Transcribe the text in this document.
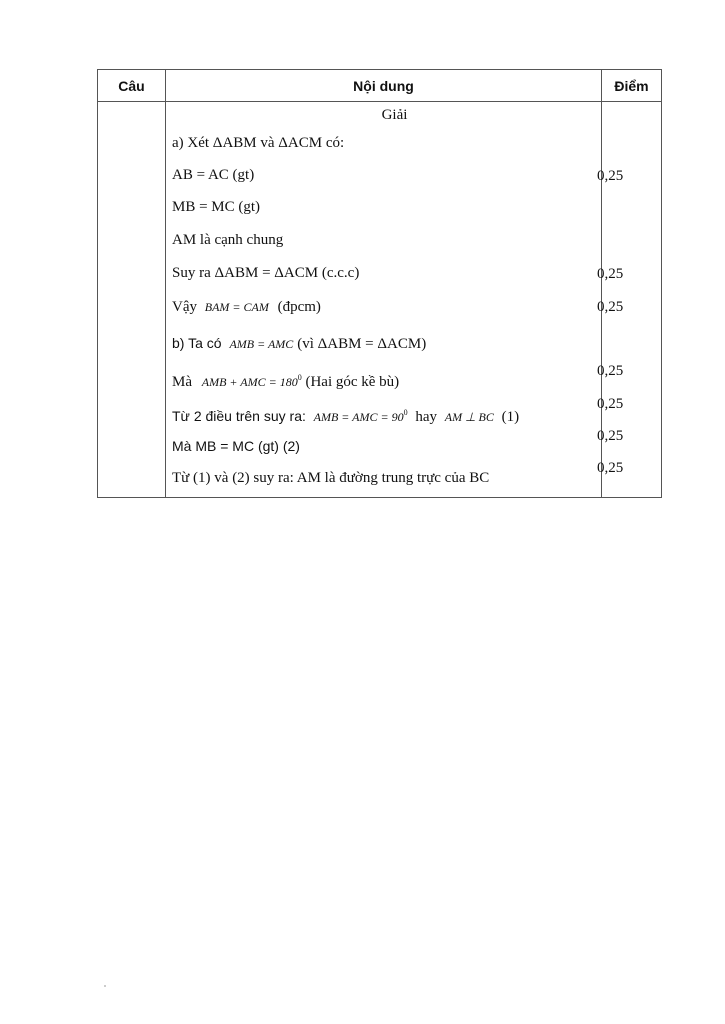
Câu	Nội dung	Điểm
Giải
a) Xét ΔABM và ΔACM có:
AB = AC (gt)
MB = MC (gt)
AM là cạnh chung
Suy ra ΔABM = ΔACM (c.c.c)
Vậy BAM = CAM (đpcm)
b) Ta có AMB = AMC (vì ΔABM = ΔACM)
Mà AMB + AMC = $180^0$ (Hai góc kề bù)
Từ 2 điều trên suy ra: AMB = AMC = $90^0$ hay AM ⊥ BC (1)
Mà MB = MC (gt) (2)
Từ (1) và (2) suy ra: AM là đường trung trực của BC
0,25
0,25
0,25
0,25
0,25
0,25
0,25
